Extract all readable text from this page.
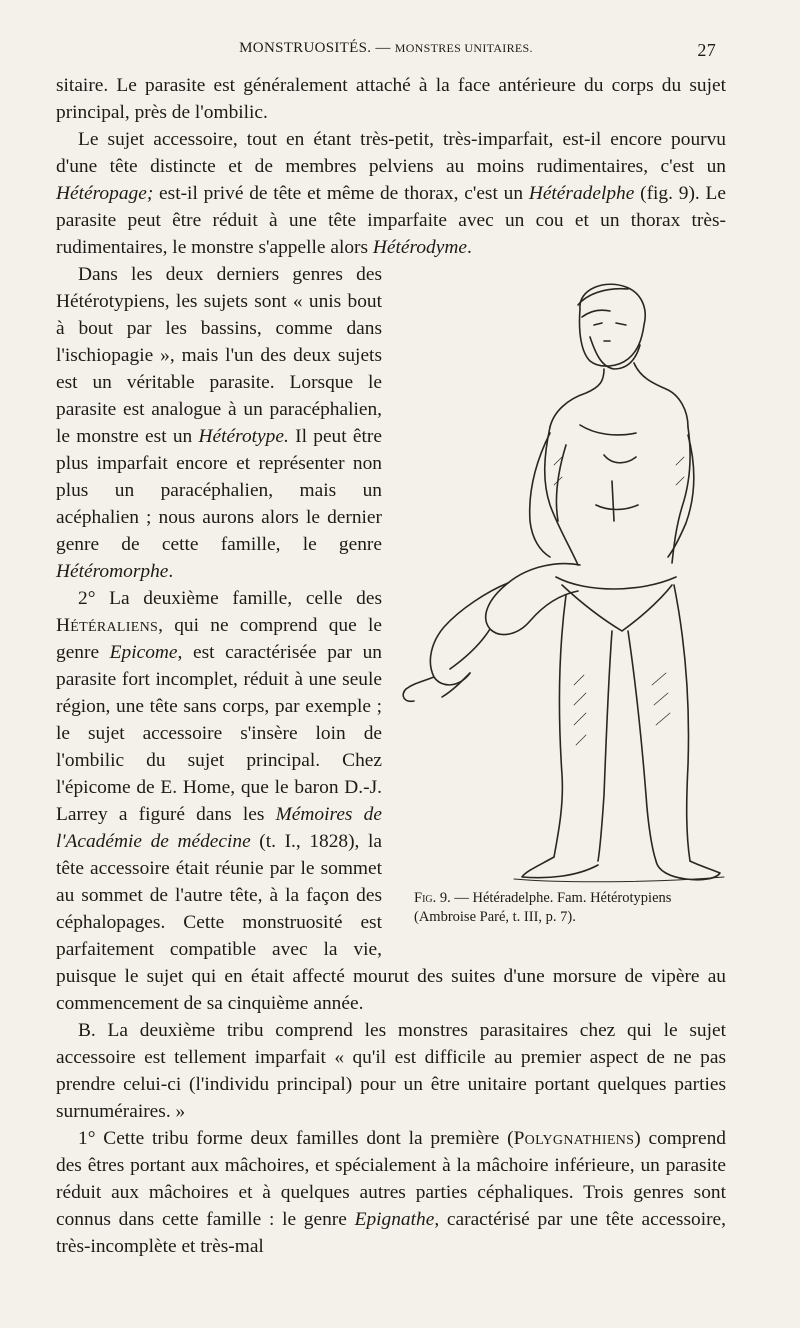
MONSTRUOSITÉS. — MONSTRES UNITAIRES.	27

sitaire. Le parasite est généralement attaché à la face antérieure du corps du sujet principal, près de l'ombilic.

Le sujet accessoire, tout en étant très-petit, très-imparfait, est-il encore pourvu d'une tête distincte et de membres pelviens au moins rudimentaires, c'est un Hétéropage; est-il privé de tête et même de thorax, c'est un Hétéradelphe (fig. 9). Le parasite peut être réduit à une tête imparfaite avec un cou et un thorax très-rudimentaires, le monstre s'appelle alors Hétérodyme.

Fig. 9. — Hétéradelphe. Fam. Hétérotypiens (Ambroise Paré, t. III, p. 7).

Dans les deux derniers genres des Hétérotypiens, les sujets sont « unis bout à bout par les bassins, comme dans l'ischiopagie », mais l'un des deux sujets est un véritable parasite. Lorsque le parasite est analogue à un paracéphalien, le monstre est un Hétérotype. Il peut être plus imparfait encore et représenter non plus un paracéphalien, mais un acéphalien ; nous aurons alors le dernier genre de cette famille, le genre Hétéromorphe.

2° La deuxième famille, celle des Hétéraliens, qui ne comprend que le genre Epicome, est caractérisée par un parasite fort incomplet, réduit à une seule région, une tête sans corps, par exemple ; le sujet accessoire s'insère loin de l'ombilic du sujet principal. Chez l'épicome de E. Home, que le baron D.-J. Larrey a figuré dans les Mémoires de l'Académie de médecine (t. I., 1828), la tête accessoire était réunie par le sommet au sommet de l'autre tête, à la façon des céphalopages. Cette monstruosité est parfaitement compatible avec la vie, puisque le sujet qui en était affecté mourut des suites d'une morsure de vipère au commencement de sa cinquième année.

B. La deuxième tribu comprend les monstres parasitaires chez qui le sujet accessoire est tellement imparfait « qu'il est difficile au premier aspect de ne pas prendre celui-ci (l'individu principal) pour un être unitaire portant quelques parties surnuméraires. »

1° Cette tribu forme deux familles dont la première (Polygnathiens) comprend des êtres portant aux mâchoires, et spécialement à la mâchoire inférieure, un parasite réduit aux mâchoires et à quelques autres parties céphaliques. Trois genres sont connus dans cette famille : le genre Epignathe, caractérisé par une tête accessoire, très-incomplète et très-mal
